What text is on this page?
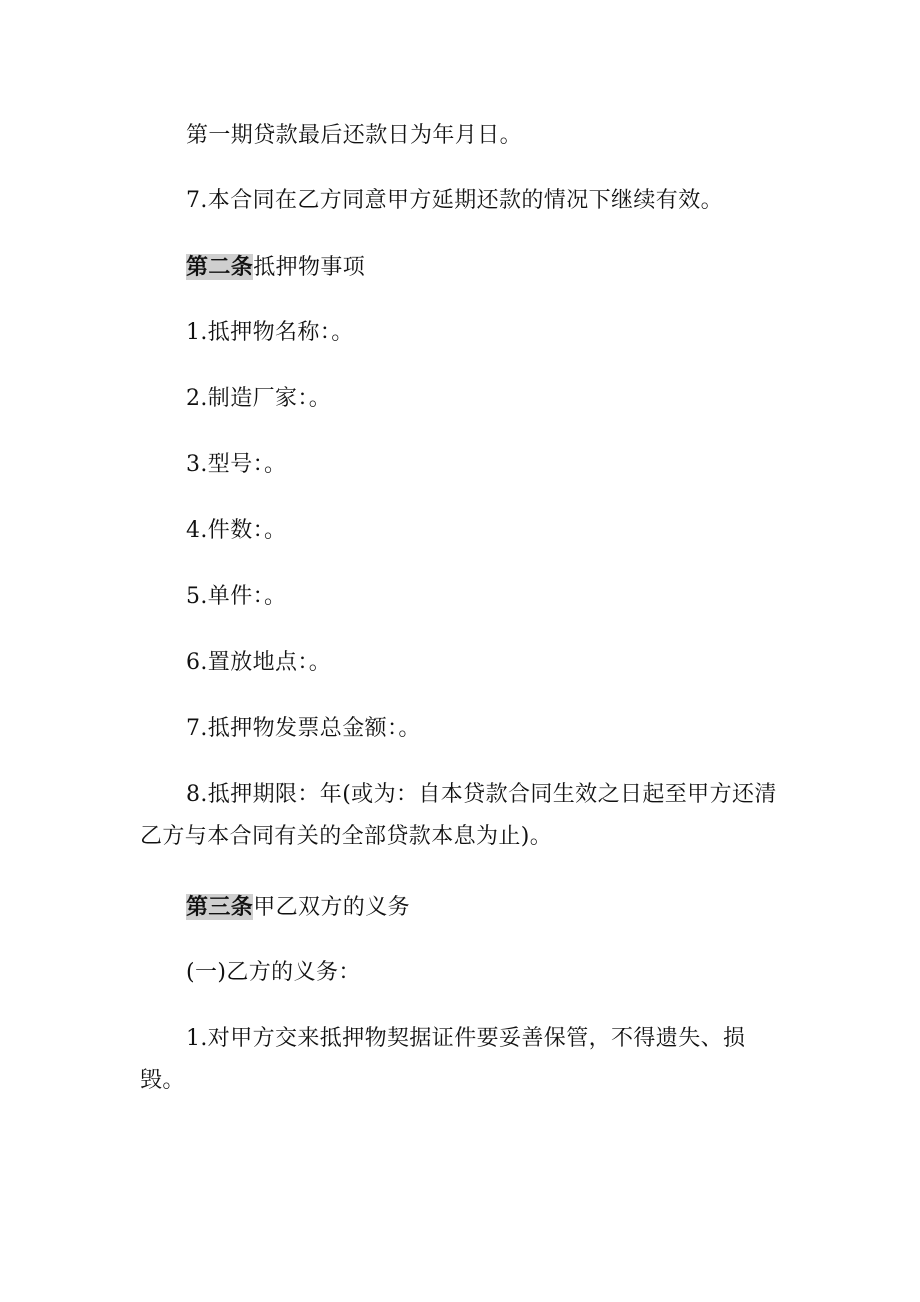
第一期贷款最后还款日为年月日。

7.本合同在乙方同意甲方延期还款的情况下继续有效。

第二条抵押物事项

1.抵押物名称：。

2.制造厂家：。

3.型号：。

4.件数：。

5.单件：。

6.置放地点：。

7.抵押物发票总金额：。

8.抵押期限：年(或为：自本贷款合同生效之日起至甲方还清乙方与本合同有关的全部贷款本息为止)。

第三条甲乙双方的义务

(一)乙方的义务：

1.对甲方交来抵押物契据证件要妥善保管，不得遗失、损毁。
